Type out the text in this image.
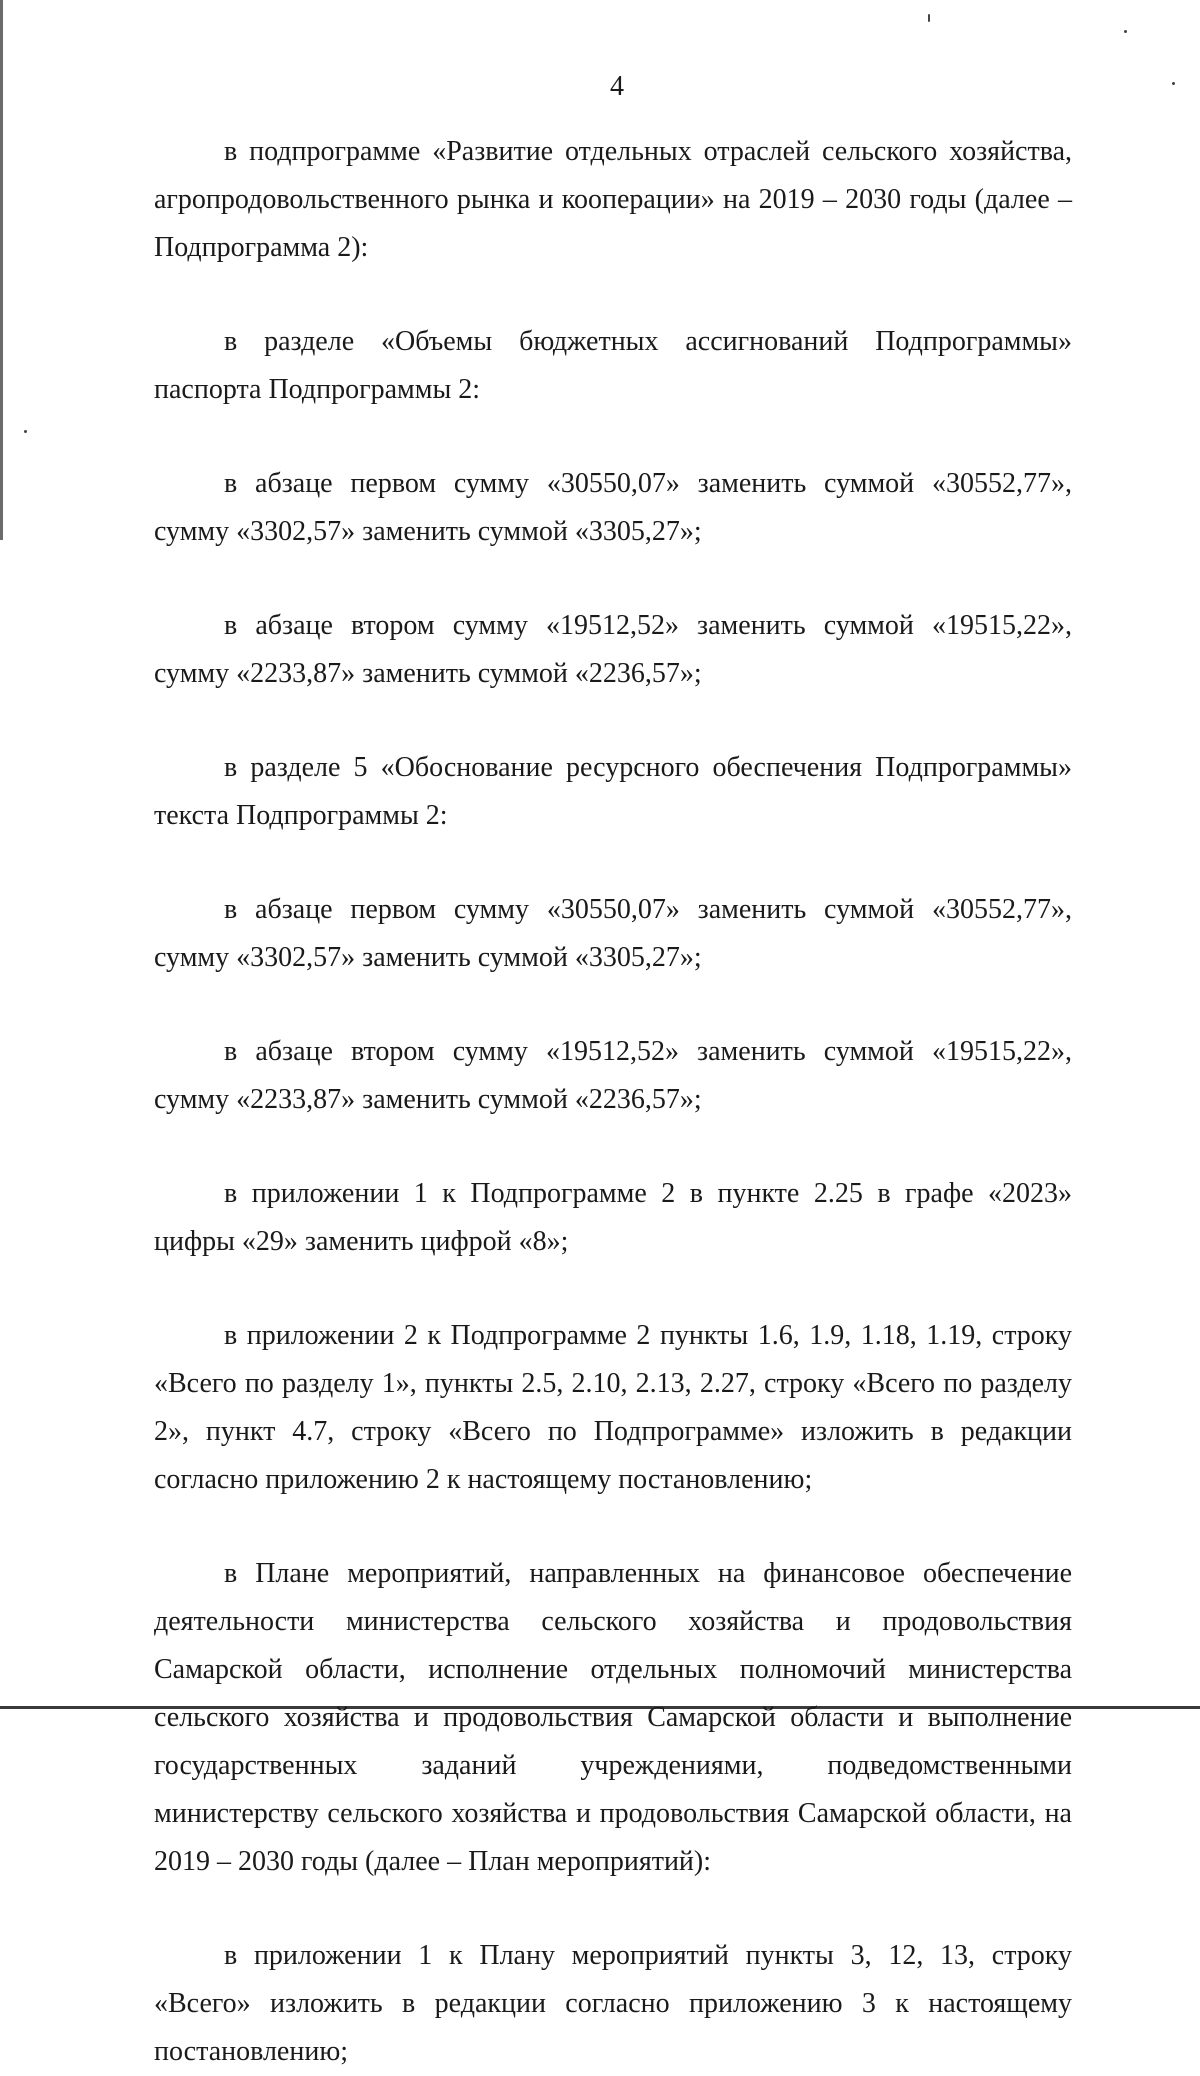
4

в подпрограмме «Развитие отдельных отраслей сельского хозяйства, агропродовольственного рынка и кооперации» на 2019 – 2030 годы (далее – Подпрограмма 2):

в разделе «Объемы бюджетных ассигнований Подпрограммы» паспорта Подпрограммы 2:

в абзаце первом сумму «30550,07» заменить суммой «30552,77», сумму «3302,57» заменить суммой «3305,27»;

в абзаце втором сумму «19512,52» заменить суммой «19515,22», сумму «2233,87» заменить суммой «2236,57»;

в разделе 5 «Обоснование ресурсного обеспечения Подпрограммы» текста Подпрограммы 2:

в абзаце первом сумму «30550,07» заменить суммой «30552,77», сумму «3302,57» заменить суммой «3305,27»;

в абзаце втором сумму «19512,52» заменить суммой «19515,22», сумму «2233,87» заменить суммой «2236,57»;

в приложении 1 к Подпрограмме 2 в пункте 2.25 в графе «2023» цифры «29» заменить цифрой «8»;

в приложении 2 к Подпрограмме 2 пункты 1.6, 1.9, 1.18, 1.19, строку «Всего по разделу 1», пункты 2.5, 2.10, 2.13, 2.27, строку «Всего по разделу 2», пункт 4.7, строку «Всего по Подпрограмме» изложить в редакции согласно приложению 2 к настоящему постановлению;

в Плане мероприятий, направленных на финансовое обеспечение деятельности министерства сельского хозяйства и продовольствия Самарской области, исполнение отдельных полномочий министерства сельского хозяйства и продовольствия Самарской области и выполнение государственных заданий учреждениями, подведомственными министерству сельского хозяйства и продовольствия Самарской области, на 2019 – 2030 годы (далее – План мероприятий):

в приложении 1 к Плану мероприятий пункты 3, 12, 13, строку «Всего» изложить в редакции согласно приложению 3 к настоящему постановлению;
